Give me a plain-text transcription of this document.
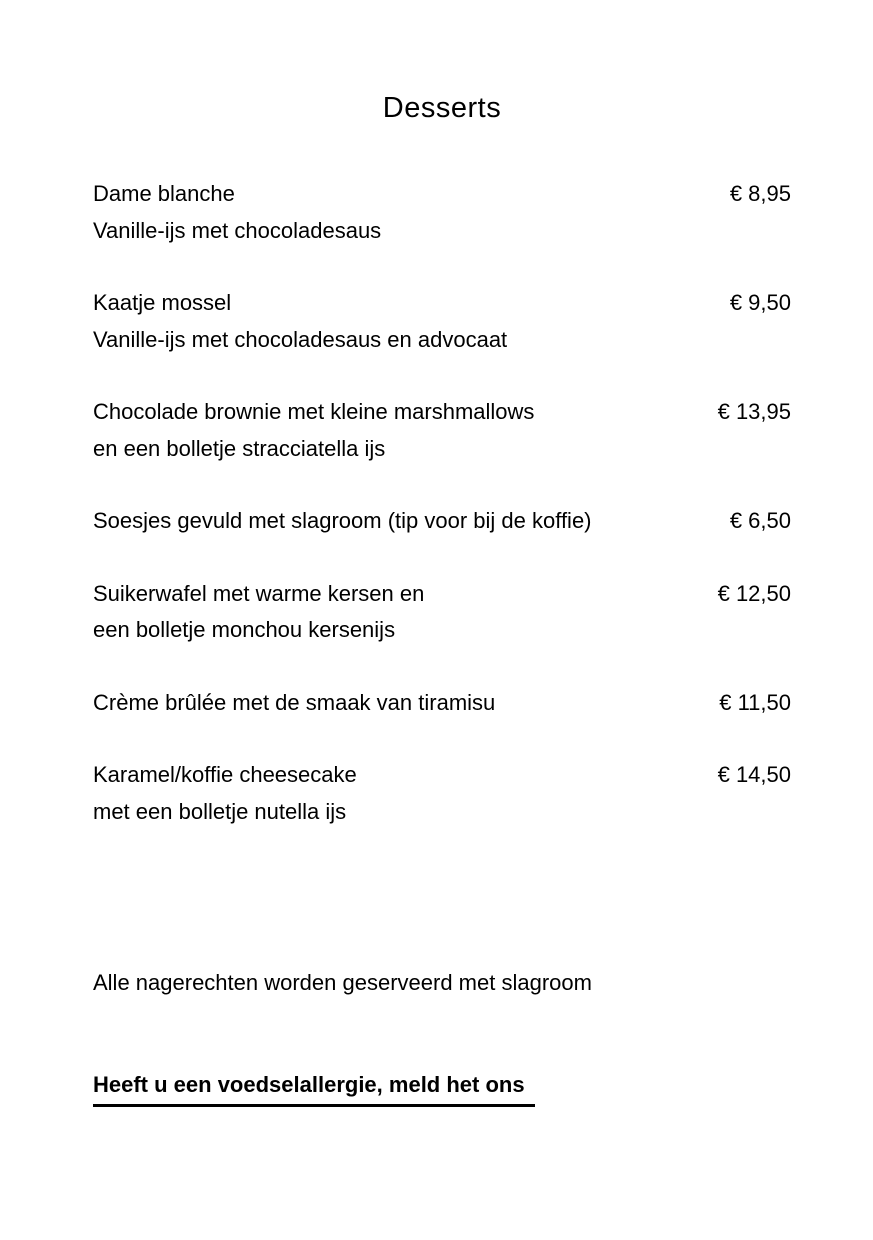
Desserts
Dame blanche	€ 8,95
Vanille-ijs met chocoladesaus
Kaatje mossel	€ 9,50
Vanille-ijs met chocoladesaus en advocaat
Chocolade brownie met kleine marshmallows	€ 13,95
en een bolletje stracciatella ijs
Soesjes gevuld met slagroom (tip voor bij de koffie)	€ 6,50
Suikerwafel met warme kersen en	€ 12,50
een bolletje monchou kersenijs
Crème brûlée met de smaak van tiramisu	€ 11,50
Karamel/koffie cheesecake	€ 14,50
met een bolletje nutella ijs
Alle nagerechten worden geserveerd met slagroom
Heeft u een voedselallergie, meld het ons
